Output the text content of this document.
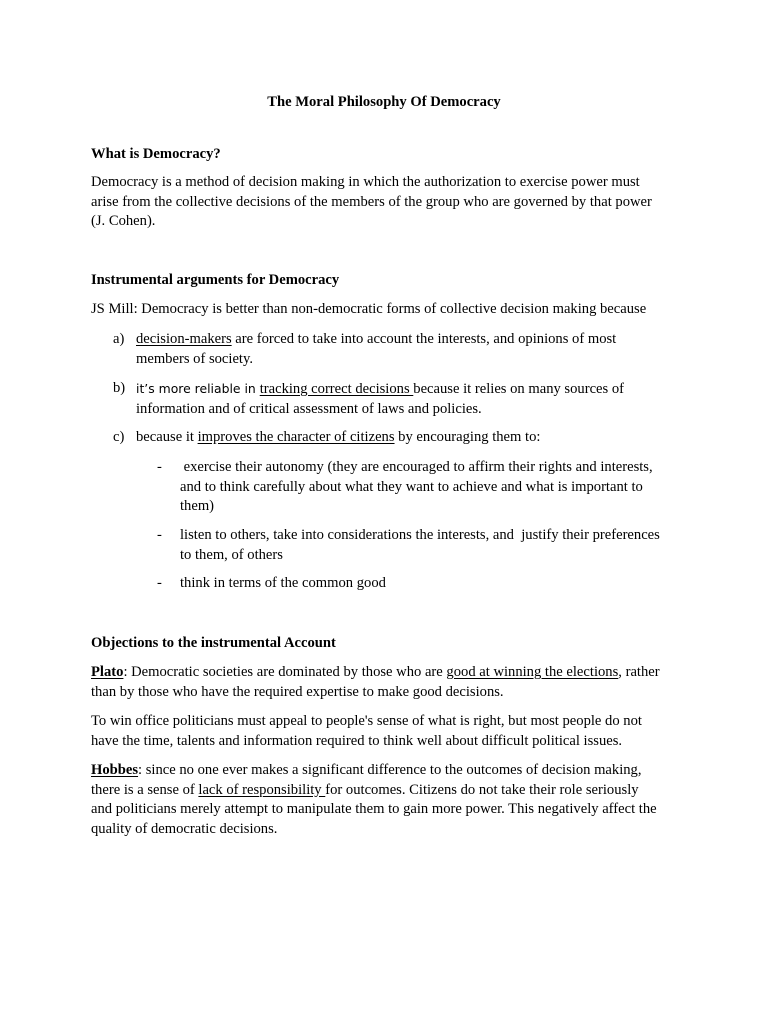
The Moral Philosophy Of Democracy

What is Democracy?

Democracy is a method of decision making in which the authorization to exercise power must
arise from the collective decisions of the members of the group who are governed by that power
(J. Cohen).

Instrumental arguments for Democracy

JS Mill: Democracy is better than non-democratic forms of collective decision making because

a) decision-makers are forced to take into account the interests, and opinions of most
members of society.
b) it’s more reliable in tracking correct decisions because it relies on many sources of
information and of critical assessment of laws and policies.
c) because it improves the character of citizens by encouraging them to:
- exercise their autonomy (they are encouraged to affirm their rights and interests,
and to think carefully about what they want to achieve and what is important to
them)
- listen to others, take into considerations the interests, and  justify their preferences
to them, of others
- think in terms of the common good

Objections to the instrumental Account

Plato: Democratic societies are dominated by those who are good at winning the elections, rather
than by those who have the required expertise to make good decisions.
To win office politicians must appeal to people's sense of what is right, but most people do not
have the time, talents and information required to think well about difficult political issues.
Hobbes: since no one ever makes a significant difference to the outcomes of decision making,
there is a sense of lack of responsibility for outcomes. Citizens do not take their role seriously
and politicians merely attempt to manipulate them to gain more power. This negatively affect the
quality of democratic decisions.
